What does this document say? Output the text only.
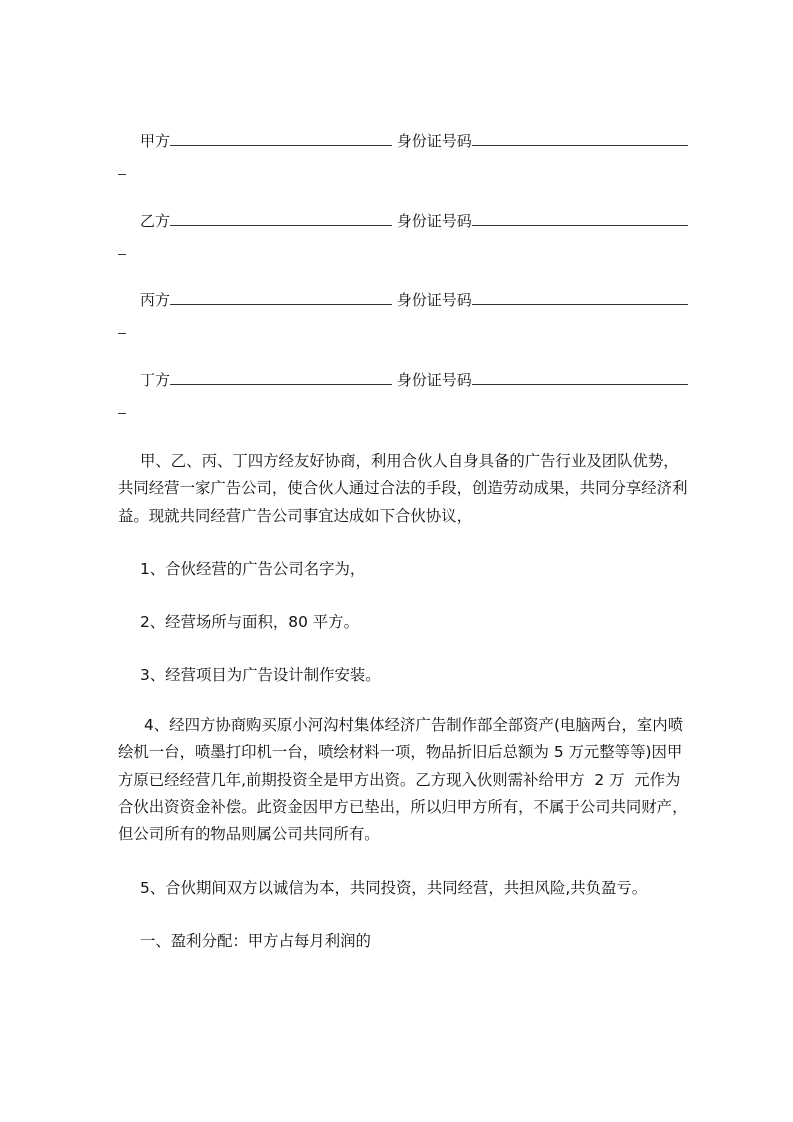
甲方	身份证号码
乙方	身份证号码
丙方	身份证号码
丁方	身份证号码

甲、乙、丙、丁四方经友好协商，利用合伙人自身具备的广告行业及团队优势，

共同经营一家广告公司，使合伙人通过合法的手段，创造劳动成果，共同分享经济利

益。现就共同经营广告公司事宜达成如下合伙协议，

1、合伙经营的广告公司名字为，

2、经营场所与面积，80 平方。

3、经营项目为广告设计制作安装。

4、经四方协商购买原小河沟村集体经济广告制作部全部资产(电脑两台，室内喷

绘机一台，喷墨打印机一台，喷绘材料一项，物品折旧后总额为 5 万元整等等)因甲

方原已经经营几年,前期投资全是甲方出资。乙方现入伙则需补给甲方  2 万  元作为

合伙出资资金补偿。此资金因甲方已垫出，所以归甲方所有，不属于公司共同财产，

但公司所有的物品则属公司共同所有。

5、合伙期间双方以诚信为本，共同投资，共同经营，共担风险,共负盈亏。

一、盈利分配：甲方占每月利润的
